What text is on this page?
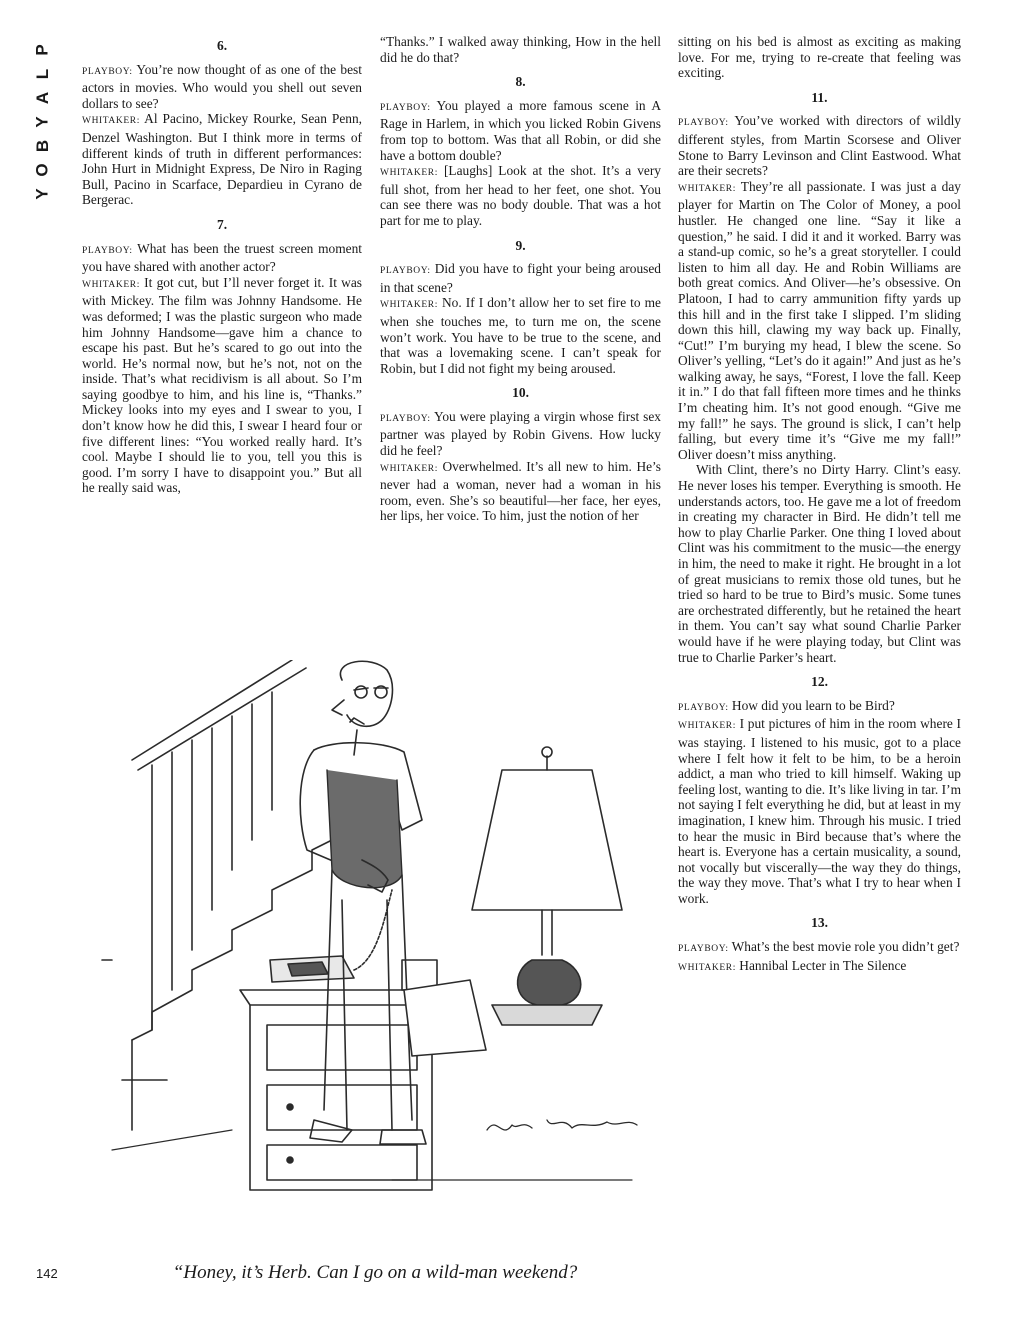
P
L
A
Y
B
O
Y
6.
PLAYBOY: You’re now thought of as one of the best actors in movies. Who would you shell out seven dollars to see?
WHITAKER: Al Pacino, Mickey Rourke, Sean Penn, Denzel Washington. But I think more in terms of different kinds of truth in different performances: John Hurt in Midnight Express, De Niro in Raging Bull, Pacino in Scarface, Depardieu in Cyrano de Bergerac.
7.
PLAYBOY: What has been the truest screen moment you have shared with another actor?
WHITAKER: It got cut, but I’ll never forget it. It was with Mickey. The film was Johnny Handsome. He was deformed; I was the plastic surgeon who made him Johnny Handsome—gave him a chance to escape his past. But he’s scared to go out into the world. He’s normal now, but he’s not, not on the inside. That’s what recidivism is all about. So I’m saying goodbye to him, and his line is, “Thanks.” Mickey looks into my eyes and I swear to you, I don’t know how he did this, I swear I heard four or five different lines: “You worked really hard. It’s cool. Maybe I should lie to you, tell you this is good. I’m sorry I have to disappoint you.” But all he really said was,
“Thanks.” I walked away thinking, How in the hell did he do that?
8.
PLAYBOY: You played a more famous scene in A Rage in Harlem, in which you licked Robin Givens from top to bottom. Was that all Robin, or did she have a bottom double?
WHITAKER: [Laughs] Look at the shot. It’s a very full shot, from her head to her feet, one shot. You can see there was no body double. That was a hot part for me to play.
9.
PLAYBOY: Did you have to fight your being aroused in that scene?
WHITAKER: No. If I don’t allow her to set fire to me when she touches me, to turn me on, the scene won’t work. You have to be true to the scene, and that was a lovemaking scene. I can’t speak for Robin, but I did not fight my being aroused.
10.
PLAYBOY: You were playing a virgin whose first sex partner was played by Robin Givens. How lucky did he feel?
WHITAKER: Overwhelmed. It’s all new to him. He’s never had a woman, never had a woman in his room, even. She’s so beautiful—her face, her eyes, her lips, her voice. To him, just the notion of her
sitting on his bed is almost as exciting as making love. For me, trying to re-create that feeling was exciting.
11.
PLAYBOY: You’ve worked with directors of wildly different styles, from Martin Scorsese and Oliver Stone to Barry Levinson and Clint Eastwood. What are their secrets?
WHITAKER: They’re all passionate. I was just a day player for Martin on The Color of Money, a pool hustler. He changed one line. “Say it like a question,” he said. I did it and it worked. Barry was a stand-up comic, so he’s a great storyteller. I could listen to him all day. He and Robin Williams are both great comics. And Oliver—he’s obsessive. On Platoon, I had to carry ammunition fifty yards up this hill and in the first take I slipped. I’m sliding down this hill, clawing my way back up. Finally, “Cut!” I’m burying my head, I blew the scene. So Oliver’s yelling, “Let’s do it again!” And just as he’s walking away, he says, “Forest, I love the fall. Keep it in.” I do that fall fifteen more times and he thinks I’m cheating him. It’s not good enough. “Give me my fall!” he says. The ground is slick, I can’t help falling, but every time it’s “Give me my fall!” Oliver doesn’t miss anything.
With Clint, there’s no Dirty Harry. Clint’s easy. He never loses his temper. Everything is smooth. He understands actors, too. He gave me a lot of freedom in creating my character in Bird. He didn’t tell me how to play Charlie Parker. One thing I loved about Clint was his commitment to the music—the energy in him, the need to make it right. He brought in a lot of great musicians to remix those old tunes, but he tried so hard to be true to Bird’s music. Some tunes are orchestrated differently, but he retained the heart in them. You can’t say what sound Charlie Parker would have if he were playing today, but Clint was true to Charlie Parker’s heart.
12.
PLAYBOY: How did you learn to be Bird?
WHITAKER: I put pictures of him in the room where I was staying. I listened to his music, got to a place where I felt how it felt to be him, to be a heroin addict, a man who tried to kill himself. Waking up feeling lost, wanting to die. It’s like living in tar. I’m not saying I felt everything he did, but at least in my imagination, I knew him. Through his music. I tried to hear the music in Bird because that’s where the heart is. Everyone has a certain musicality, a sound, not vocally but viscerally—the way they do things, the way they move. That’s what I try to hear when I work.
13.
PLAYBOY: What’s the best movie role you didn’t get?
WHITAKER: Hannibal Lecter in The Silence
“Honey, it’s Herb. Can I go on a wild-man weekend?
142
